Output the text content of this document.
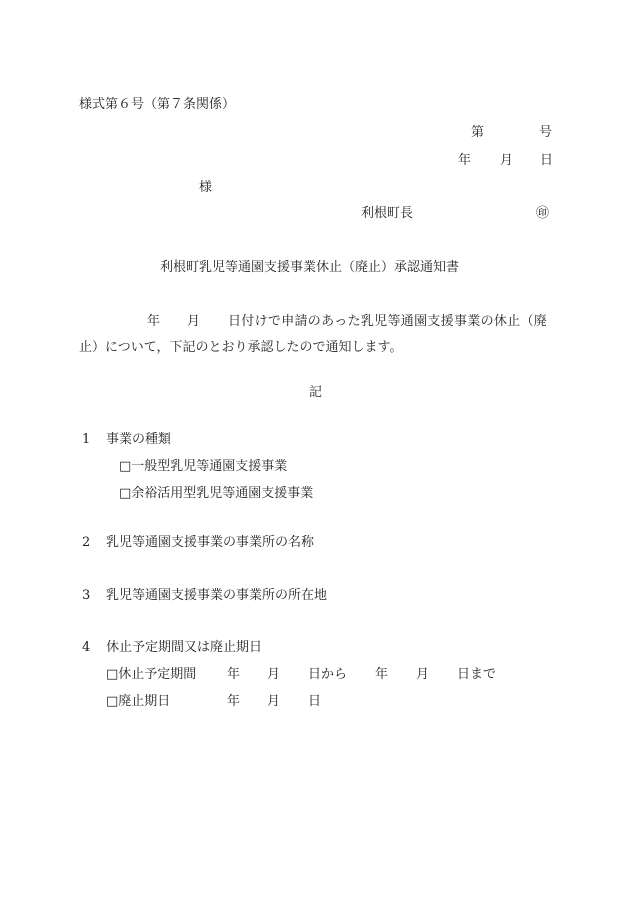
様式第６号（第７条関係）
第	号
年 月 日
様
利根町長	㊞
利根町乳児等通園支援事業休止（廃止）承認通知書
年 月 日付けで申請のあった乳児等通園支援事業の休止（廃
止）について，下記のとおり承認したので通知します。
記
1 事業の種類
□一般型乳児等通園支援事業
□余裕活用型乳児等通園支援事業
2 乳児等通園支援事業の事業所の名称
3 乳児等通園支援事業の事業所の所在地
4 休止予定期間又は廃止期日
□休止予定期間 年 月 日から 年 月 日まで
□廃止期日	年 月 日
